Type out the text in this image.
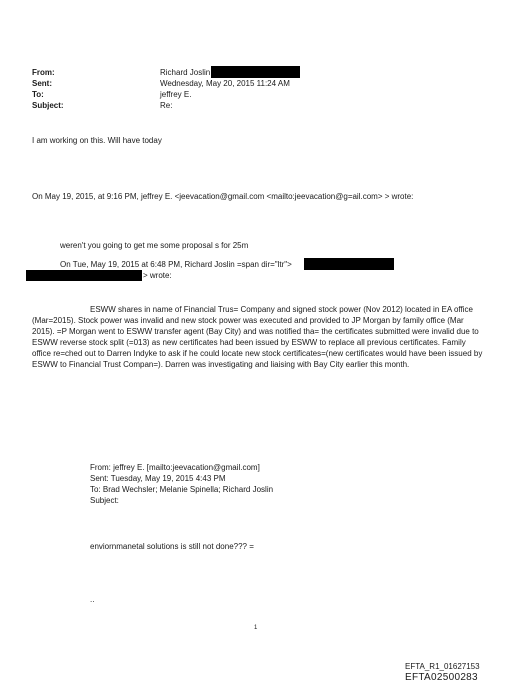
From:
Sent:
To:
Subject:
Richard Joslin
Wednesday, May 20, 2015 11:24 AM
jeffrey E.
Re:
I am working on this. Will have today
On May 19, 2015, at 9:16 PM, jeffrey E. <jeevacation@gmail.com <mailto:jeevacation@g=ail.com> > wrote:
weren't you going to get me some proposal s for 25m
On Tue, May 19, 2015 at 6:48 PM, Richard Joslin =span dir="ltr">
> wrote:
ESWW shares in name of Financial Trus= Company and signed stock power (Nov 2012) located in EA office (Mar=2015). Stock power was invalid and new stock power was executed and provided to JP Morgan by family office (Mar 2015). =P Morgan went to ESWW transfer agent (Bay City) and was notified tha= the certificates submitted were invalid due to ESWW reverse stock split (=013) as new certificates had been issued by ESWW to replace all previous certificates. Family office re=ched out to Darren Indyke to ask if he could locate new stock certificates=(new certificates would have been issued by ESWW to Financial Trust Compan=). Darren was investigating and liaising with Bay City earlier this month.
From: jeffrey E. [mailto:jeevacation@gmail.com]
Sent: Tuesday, May 19, 2015 4:43 PM
To: Brad Wechsler; Melanie Spinella; Richard Joslin
Subject:
enviornmanetal solutions is still not done??? =
..
1
EFTA_R1_01627153
EFTA02500283
